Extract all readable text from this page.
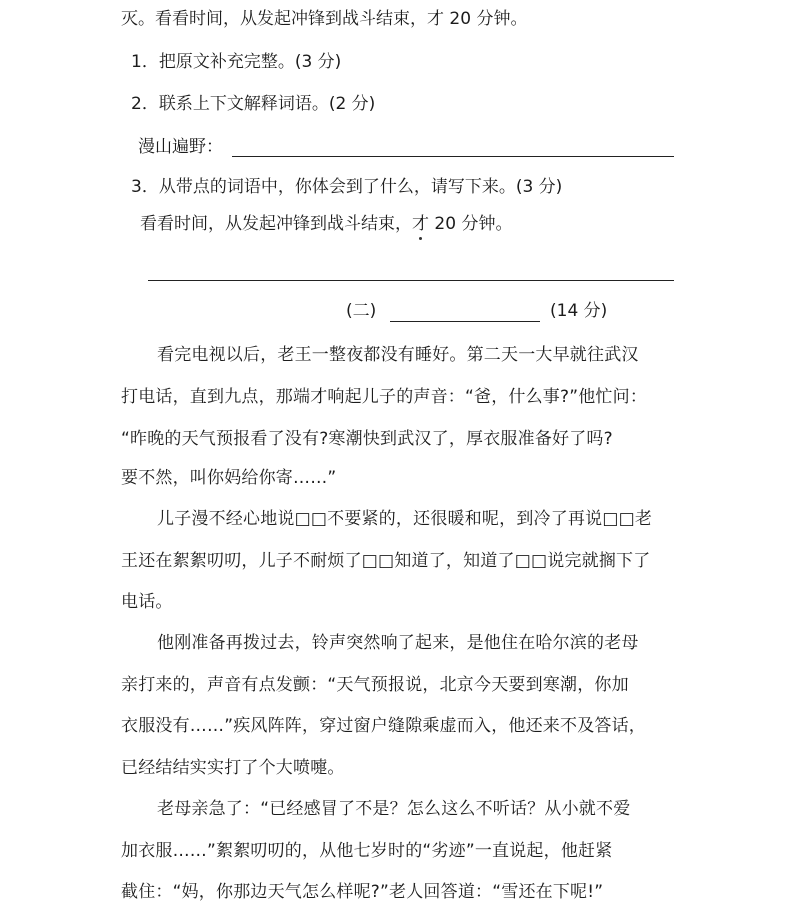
灭。看看时间，从发起冲锋到战斗结束，才 20 分钟。
1．把原文补充完整。(3 分)
2．联系上下文解释词语。(2 分)
漫山遍野：
3．从带点的词语中，你体会到了什么，请写下来。(3 分)
看看时间，从发起冲锋到战斗结束，才 20 分钟。
(二)	(14 分)
看完电视以后，老王一整夜都没有睡好。第二天一大早就往武汉
打电话，直到九点，那端才响起儿子的声音：“爸，什么事?”他忙问：
“昨晚的天气预报看了没有?寒潮快到武汉了，厚衣服准备好了吗?
要不然，叫你妈给你寄……”
儿子漫不经心地说□□不要紧的，还很暖和呢，到冷了再说□□老
王还在絮絮叨叨，儿子不耐烦了□□知道了，知道了□□说完就搁下了
电话。
他刚准备再拨过去，铃声突然响了起来，是他住在哈尔滨的老母
亲打来的，声音有点发颤：“天气预报说，北京今天要到寒潮，你加
衣服没有……”疾风阵阵，穿过窗户缝隙乘虚而入，他还来不及答话，
已经结结实实打了个大喷嚏。
老母亲急了：“已经感冒了不是？怎么这么不听话？从小就不爱
加衣服……”絮絮叨叨的，从他七岁时的“劣迹”一直说起，他赶紧
截住：“妈，你那边天气怎么样呢?”老人回答道：“雪还在下呢!”
